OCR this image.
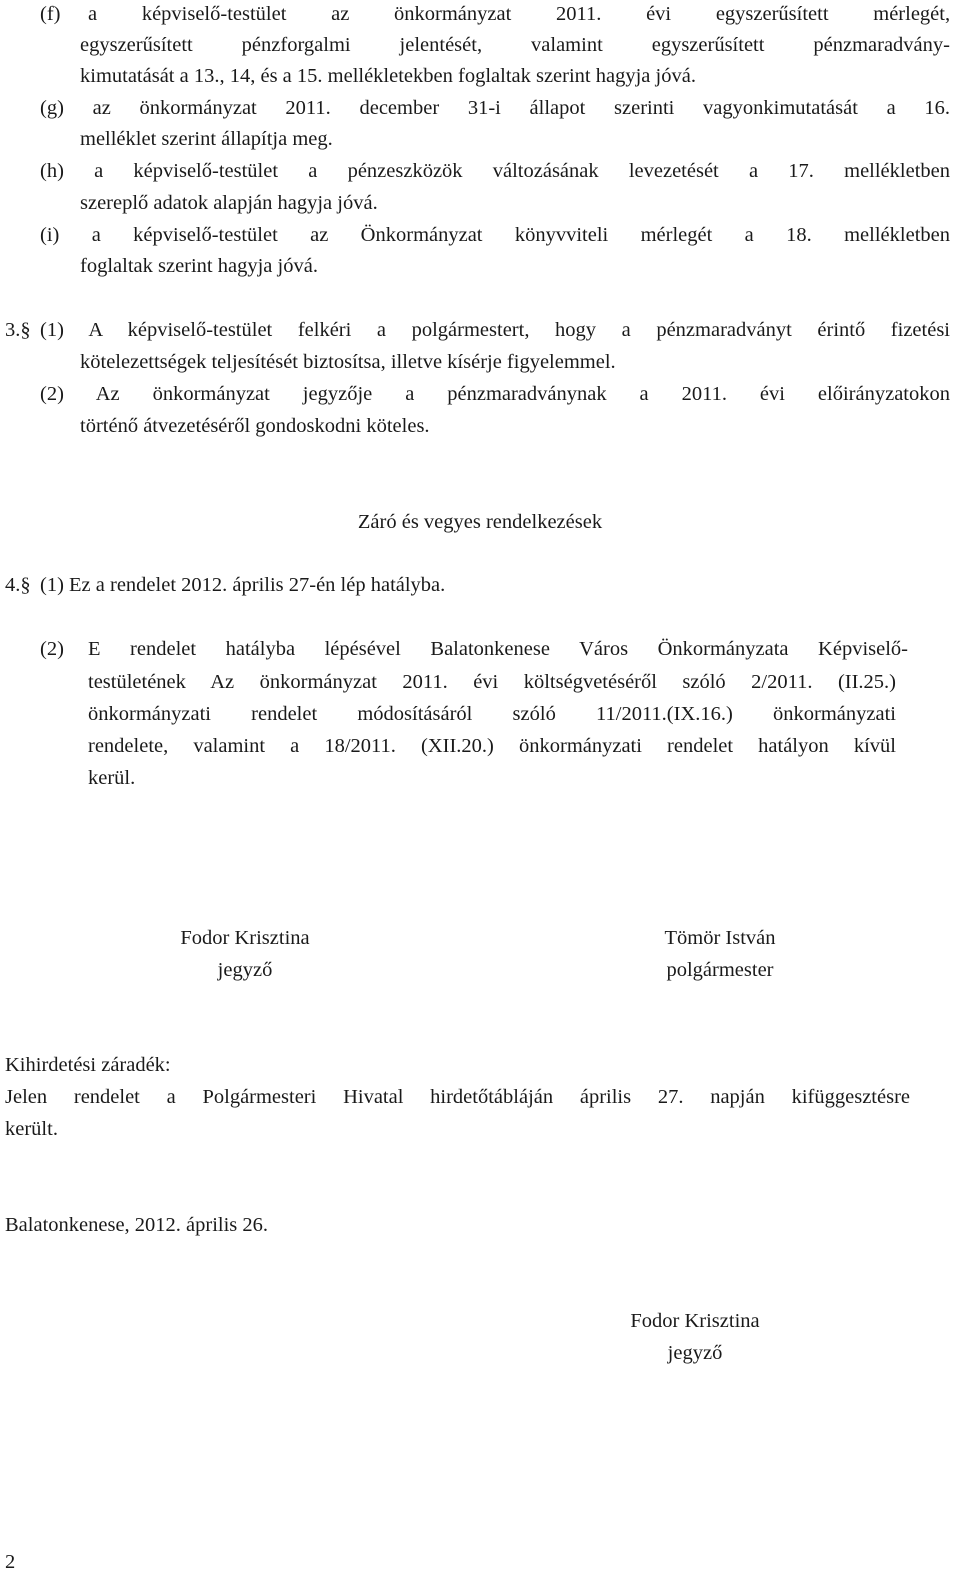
(f) a képviselő-testület az önkormányzat 2011. évi egyszerűsített mérlegét,
egyszerűsített pénzforgalmi jelentését, valamint egyszerűsített pénzmaradvány-
kimutatását a 13., 14, és a 15. mellékletekben foglaltak szerint hagyja jóvá.
(g) az önkormányzat 2011. december 31-i állapot szerinti vagyonkimutatását a 16.
melléklet szerint állapítja meg.
(h) a képviselő-testület a pénzeszközök változásának levezetését a 17. mellékletben
szereplő adatok alapján hagyja jóvá.
(i) a képviselő-testület az Önkormányzat könyvviteli mérlegét a 18. mellékletben
foglaltak szerint hagyja jóvá.
3.§ (1) A képviselő-testület felkéri a polgármestert, hogy a pénzmaradványt érintő fizetési
kötelezettségek teljesítését biztosítsa, illetve kísérje figyelemmel.
(2) Az önkormányzat jegyzője a pénzmaradványnak a 2011. évi előirányzatokon
történő átvezetéséről gondoskodni köteles.
Záró és vegyes rendelkezések
4.§ (1) Ez a rendelet 2012. április 27-én lép hatályba.
(2) E rendelet hatályba lépésével Balatonkenese Város Önkormányzata Képviselő-
testületének Az önkormányzat 2011. évi költségvetéséről szóló 2/2011. (II.25.)
önkormányzati rendelet módosításáról szóló 11/2011.(IX.16.) önkormányzati
rendelete, valamint a 18/2011. (XII.20.) önkormányzati rendelet hatályon kívül
kerül.
Fodor Krisztina
jegyző
Tömör István
polgármester
Kihirdetési záradék:
Jelen rendelet a Polgármesteri Hivatal hirdetőtábláján április 27. napján kifüggesztésre
került.
Balatonkenese, 2012. április 26.
Fodor Krisztina
jegyző
2
